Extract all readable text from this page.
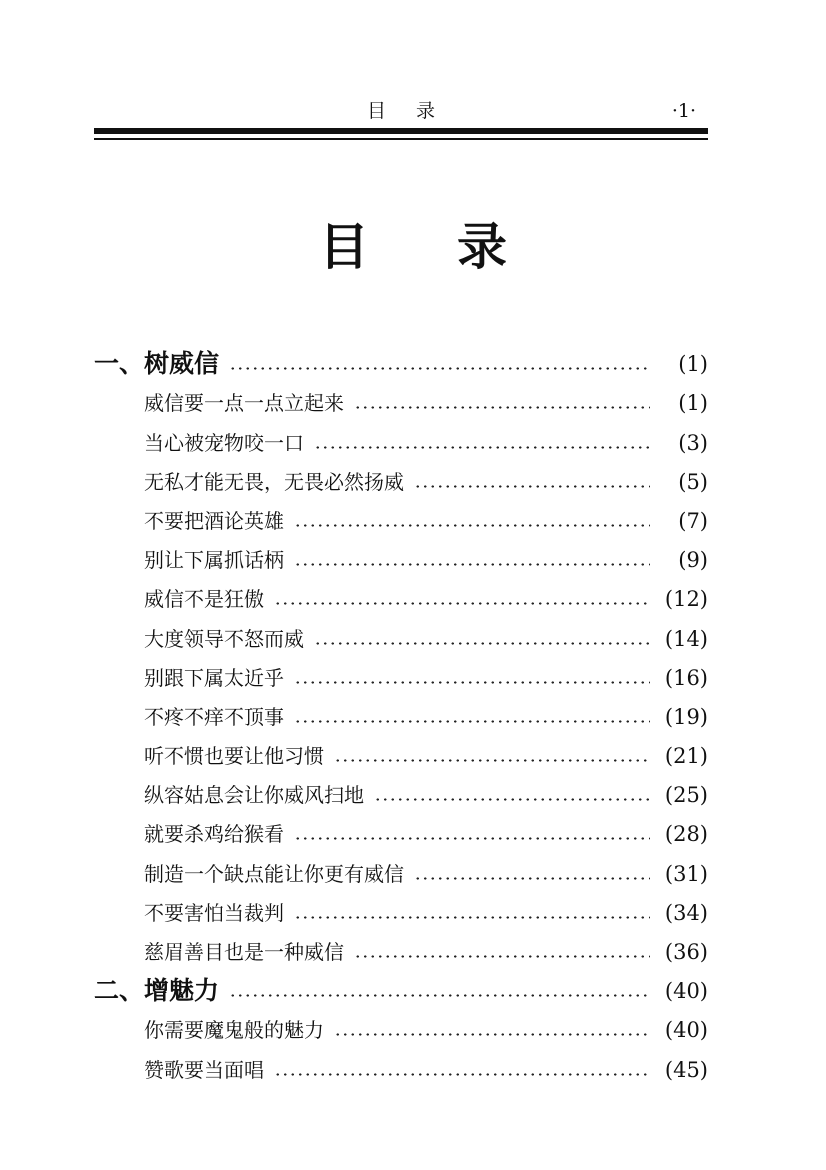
目录	·1·
目录
一、树威信	(1)
威信要一点一点立起来	(1)
当心被宠物咬一口	(3)
无私才能无畏，无畏必然扬威	(5)
不要把酒论英雄	(7)
别让下属抓话柄	(9)
威信不是狂傲	(12)
大度领导不怒而威	(14)
别跟下属太近乎	(16)
不疼不痒不顶事	(19)
听不惯也要让他习惯	(21)
纵容姑息会让你威风扫地	(25)
就要杀鸡给猴看	(28)
制造一个缺点能让你更有威信	(31)
不要害怕当裁判	(34)
慈眉善目也是一种威信	(36)
二、增魅力	(40)
你需要魔鬼般的魅力	(40)
赞歌要当面唱	(45)
